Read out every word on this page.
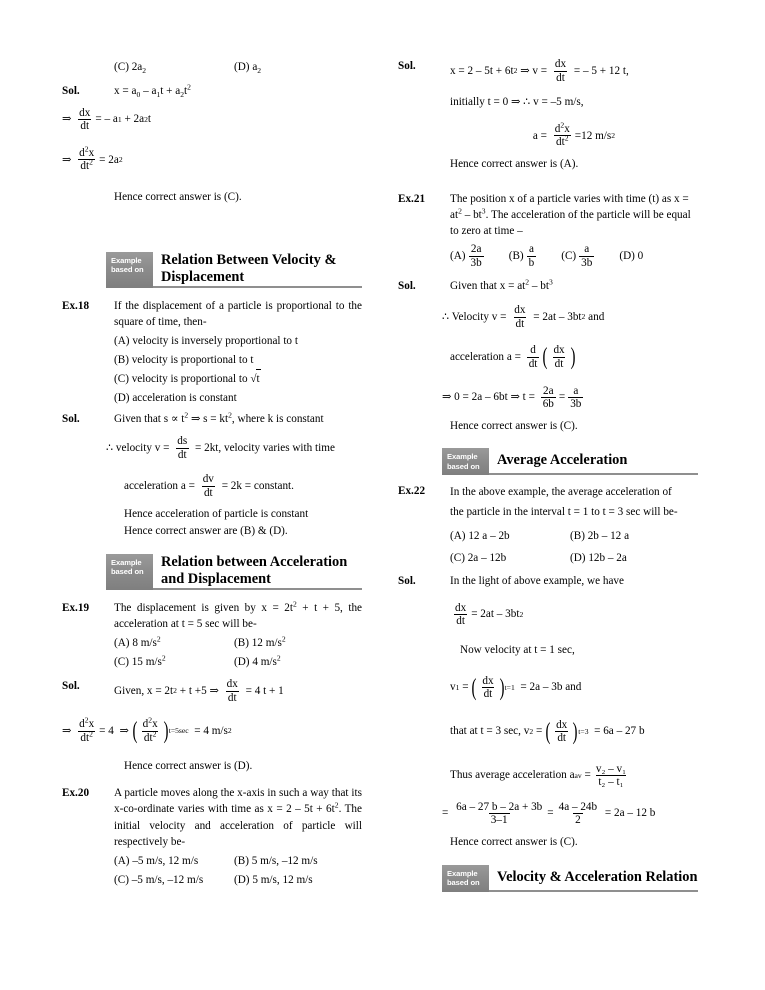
(C) $2a_2$	(D) $a_2$
Sol.	$x = a_0 - a_1t + a_2t^2$
⇒
$\frac{dx}{dt}$ = – a 1 + 2a 2 t
⇒
$\frac{d^2x}{dt^2} = 2a$ 2
Hence correct answer is (C).
Example
based on
Relation Between Velocity & Displacement
Ex.18 If the displacement of a particle is proportional to the square of time, then-
(A) velocity is inversely proportional to t
(B) velocity is proportional to t
(C) velocity is proportional to √t
(D) acceleration is constant
Sol.	Given that $s \propto t^2$ ⇒ $s = kt^2$, where k is constant
∴ velocity v =
$\frac{ds}{dt}$
= 2kt, velocity varies with time
acceleration a =
$\frac{dv}{dt}$
= 2k = constant.
Hence acceleration of particle is constant
Hence correct answer are (B) & (D).
Example
based on
Relation between Acceleration and Displacement
Ex.19 The displacement is given by $x = 2t^2 + t + 5$, the acceleration at t = 5 sec will be-
(A) 8 $m/s^2$	(B) 12 $m/s^2$
(C) 15 $m/s^2$	(D) 4 $m/s^2$
Sol.	Given, x = 2t 2
+ t +5 ⇒
$\frac{dx}{dt}$
= 4 t + 1
⇒
$\frac{d^2x}{dt^2} = 4$
⇒
( $\frac{d^2x}{dt^2}$ ) t=5sec
= 4 m/s 2
Hence correct answer is (D).
Ex.20 A particle moves along the x-axis in such a way that its x-co-ordinate varies with time as $x = 2 - 5t + 6t^2$. The initial velocity and acceleration of particle will respectively be-
(A) –5 m/s, 12 m/s	(B) 5 m/s, –12 m/s
(C) –5 m/s, –12 m/s	(D) 5 m/s, 12 m/s
Sol.	x = 2 – 5t + 6t 2
⇒ v =
$\frac{dx}{dt}$
= – 5 + 12 t,
initially t = 0 ⇒ ∴ v = –5 m/s,
a =
$\frac{d^2x}{dt^2} =12$ m/s 2
Hence correct answer is (A).
Ex.21 The position x of a particle varies with time (t) as $x = at^2 - bt^3$. The acceleration of the particle will be equal to zero at time –
$(A) \frac{2a}{3b} (B) \frac{a}{b} (C) \frac{a}{3b} (D)$
0
Sol.	Given that $x = at^2 - bt^3$
∴ Velocity v =
$\frac{dx}{dt}$
= 2at – 3bt 2
and
acceleration a =
$\frac{d}{dt}$ ( $\frac{dx}{dt}$ )
⇒ 0 = 2a – 6bt ⇒ t =
$\frac{2a}{6b} = \frac{a}{3b}$
Hence correct answer is (C).
Example
based on	Average Acceleration
Ex.22 In the above example, the average acceleration of
the particle in the interval t = 1 to t = 3 sec will be-
(A) 12 a – 2b	(B) 2b – 12 a
(C) 2a – 12b	(D) 12b – 2a
Sol.	In the light of above example, we have
$\frac{dx}{dt} = 2at - 3bt$ 2
Now velocity at t = 1 sec,
v 1
=
( $\frac{dx}{dt}$ ) t=1
= 2a – 3b and
that at t = 3 sec, v 2
=
( $\frac{dx}{dt}$ ) t=3
= 6a – 27 b
Thus average acceleration a av
= $\frac{\text{v₂ – v₁}}{\text{t₂ – t₁}}$
=
$\frac{6a - 27 b - 2a + 3b}{3-1} = \frac{4a - 24b}{2}$
= 2a – 12 b
Hence correct answer is (C).
Example
based on	Velocity & Acceleration Relation
